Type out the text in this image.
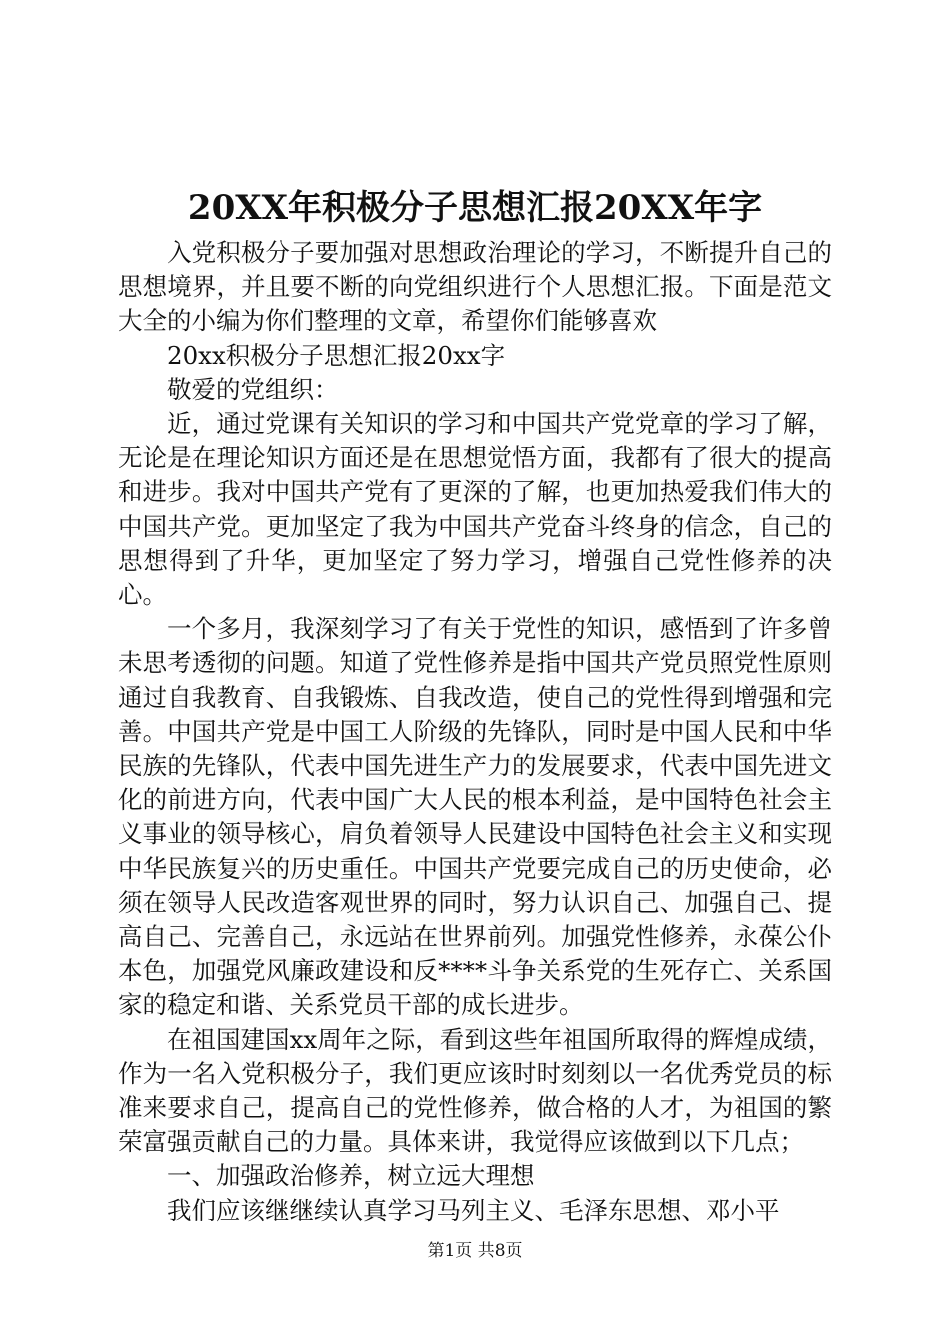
20XX年积极分子思想汇报20XX年字

入党积极分子要加强对思想政治理论的学习，不断提升自己的思想境界，并且要不断的向党组织进行个人思想汇报。下面是范文大全的小编为你们整理的文章，希望你们能够喜欢

20xx积极分子思想汇报20xx字

敬爱的党组织：

近，通过党课有关知识的学习和中国共产党党章的学习了解，无论是在理论知识方面还是在思想觉悟方面，我都有了很大的提高和进步。我对中国共产党有了更深的了解，也更加热爱我们伟大的中国共产党。更加坚定了我为中国共产党奋斗终身的信念，自己的思想得到了升华，更加坚定了努力学习，增强自己党性修养的决心。

一个多月，我深刻学习了有关于党性的知识，感悟到了许多曾未思考透彻的问题。知道了党性修养是指中国共产党员照党性原则通过自我教育、自我锻炼、自我改造，使自己的党性得到增强和完善。中国共产党是中国工人阶级的先锋队，同时是中国人民和中华民族的先锋队，代表中国先进生产力的发展要求，代表中国先进文化的前进方向，代表中国广大人民的根本利益，是中国特色社会主义事业的领导核心，肩负着领导人民建设中国特色社会主义和实现中华民族复兴的历史重任。中国共产党要完成自己的历史使命，必须在领导人民改造客观世界的同时，努力认识自己、加强自己、提高自己、完善自己，永远站在世界前列。加强党性修养，永葆公仆本色，加强党风廉政建设和反****斗争关系党的生死存亡、关系国家的稳定和谐、关系党员干部的成长进步。

在祖国建国xx周年之际，看到这些年祖国所取得的辉煌成绩，作为一名入党积极分子，我们更应该时时刻刻以一名优秀党员的标准来要求自己，提高自己的党性修养，做合格的人才，为祖国的繁荣富强贡献自己的力量。具体来讲，我觉得应该做到以下几点；

一、加强政治修养，树立远大理想

我们应该继继续认真学习马列主义、毛泽东思想、邓小平

第1页 共8页
